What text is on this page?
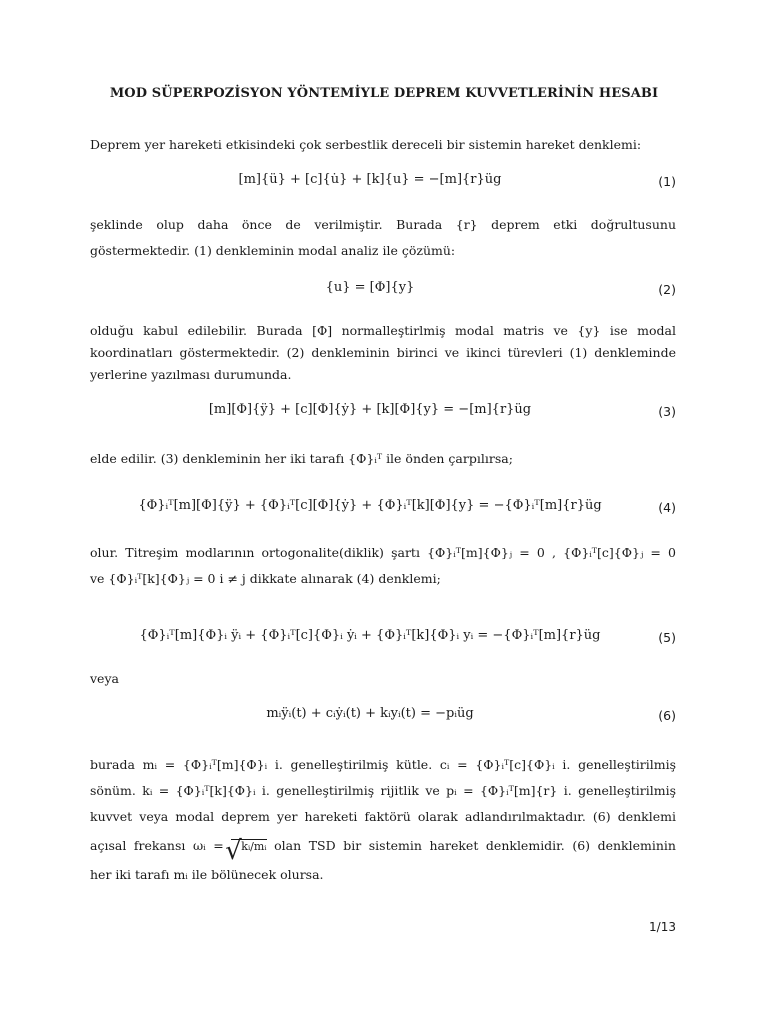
MOD SÜPERPOZİSYON YÖNTEMİYLE DEPREM KUVVETLERİNİN HESABI
Deprem yer hareketi etkisindeki çok serbestlik dereceli bir sistemin hareket denklemi:
[m]{ü} + [c]{u̇} + [k]{u} = −[m]{r}üg	(1)
şeklinde olup daha önce de verilmiştir. Burada {r} deprem etki doğrultusunu
göstermektedir. (1) denkleminin modal analiz ile çözümü:
{u} = [Φ]{y}	(2)
olduğu kabul edilebilir. Burada [Φ] normalleştirlmiş modal matris ve {y} ise modal
koordinatları göstermektedir. (2) denkleminin birinci ve ikinci türevleri (1) denkleminde
yerlerine yazılması durumunda.
[m][Φ]{ÿ} + [c][Φ]{ẏ} + [k][Φ]{y} = −[m]{r}üg	(3)
elde edilir. (3) denkleminin her iki tarafı {Φ}ᵢᵀ ile önden çarpılırsa;
{Φ}ᵢᵀ[m][Φ]{ÿ} + {Φ}ᵢᵀ[c][Φ]{ẏ} + {Φ}ᵢᵀ[k][Φ]{y} = −{Φ}ᵢᵀ[m]{r}üg	(4)
olur. Titreşim modlarının ortogonalite(diklik) şartı {Φ}ᵢᵀ[m]{Φ}ⱼ = 0 , {Φ}ᵢᵀ[c]{Φ}ⱼ = 0
ve {Φ}ᵢᵀ[k]{Φ}ⱼ = 0 i ≠ j dikkate alınarak (4) denklemi;
{Φ}ᵢᵀ[m]{Φ}ᵢ ÿᵢ + {Φ}ᵢᵀ[c]{Φ}ᵢ ẏᵢ + {Φ}ᵢᵀ[k]{Φ}ᵢ yᵢ = −{Φ}ᵢᵀ[m]{r}üg	(5)
veya
mᵢÿᵢ(t) + cᵢẏᵢ(t) + kᵢyᵢ(t) = −pᵢüg	(6)
burada mᵢ = {Φ}ᵢᵀ[m]{Φ}ᵢ i. genelleştirilmiş kütle. cᵢ = {Φ}ᵢᵀ[c]{Φ}ᵢ i. genelleştirilmiş
sönüm. kᵢ = {Φ}ᵢᵀ[k]{Φ}ᵢ i. genelleştirilmiş rijitlik ve pᵢ = {Φ}ᵢᵀ[m]{r} i. genelleştirilmiş
kuvvet veya modal deprem yer hareketi faktörü olarak adlandırılmaktadır. (6) denklemi
açısal frekansı ωᵢ = √ kᵢ/mᵢ olan TSD bir sistemin hareket denklemidir. (6) denkleminin
her iki tarafı mᵢ ile bölünecek olursa.
1/13
